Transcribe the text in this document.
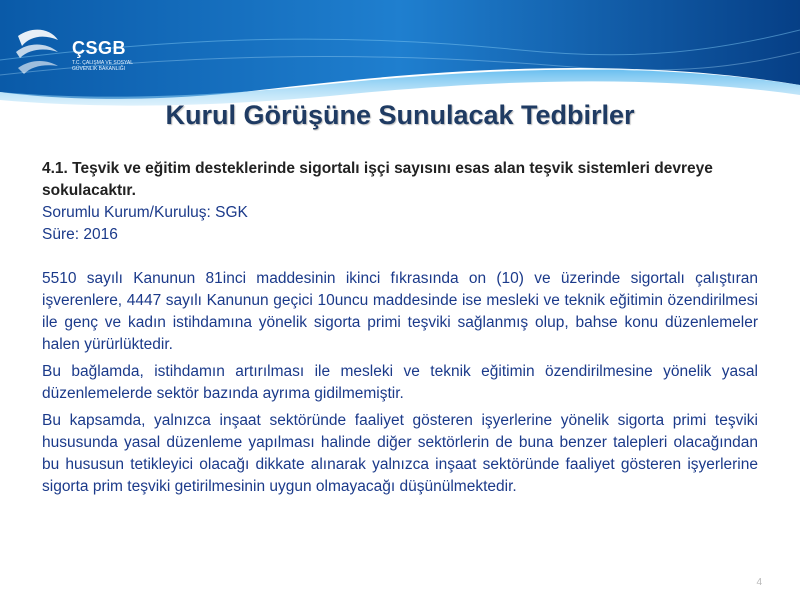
ÇSGB
T.C. ÇALIŞMA VE SOSYAL GÜVENLIK BAKANLIĞI
Kurul Görüşüne Sunulacak Tedbirler
4.1. Teşvik ve eğitim desteklerinde sigortalı işçi sayısını esas alan teşvik sistemleri devreye sokulacaktır.
Sorumlu Kurum/Kuruluş: SGK
Süre: 2016

5510 sayılı Kanunun 81inci maddesinin ikinci fıkrasında on (10) ve üzerinde sigortalı çalıştıran işverenlere, 4447 sayılı Kanunun geçici 10uncu maddesinde ise mesleki ve teknik eğitimin özendirilmesi ile genç ve kadın istihdamına yönelik sigorta primi teşviki sağlanmış olup, bahse konu düzenlemeler halen yürürlüktedir.

Bu bağlamda, istihdamın artırılması ile mesleki ve teknik eğitimin özendirilmesine yönelik yasal düzenlemelerde sektör bazında ayrıma gidilmemiştir.

Bu kapsamda, yalnızca inşaat sektöründe faaliyet gösteren işyerlerine yönelik sigorta primi teşviki hususunda yasal düzenleme yapılması halinde diğer sektörlerin de buna benzer talepleri olacağından bu hususun tetikleyici olacağı dikkate alınarak yalnızca inşaat sektöründe faaliyet gösteren işyerlerine sigorta prim teşviki getirilmesinin uygun olmayacağı düşünülmektedir.

4
